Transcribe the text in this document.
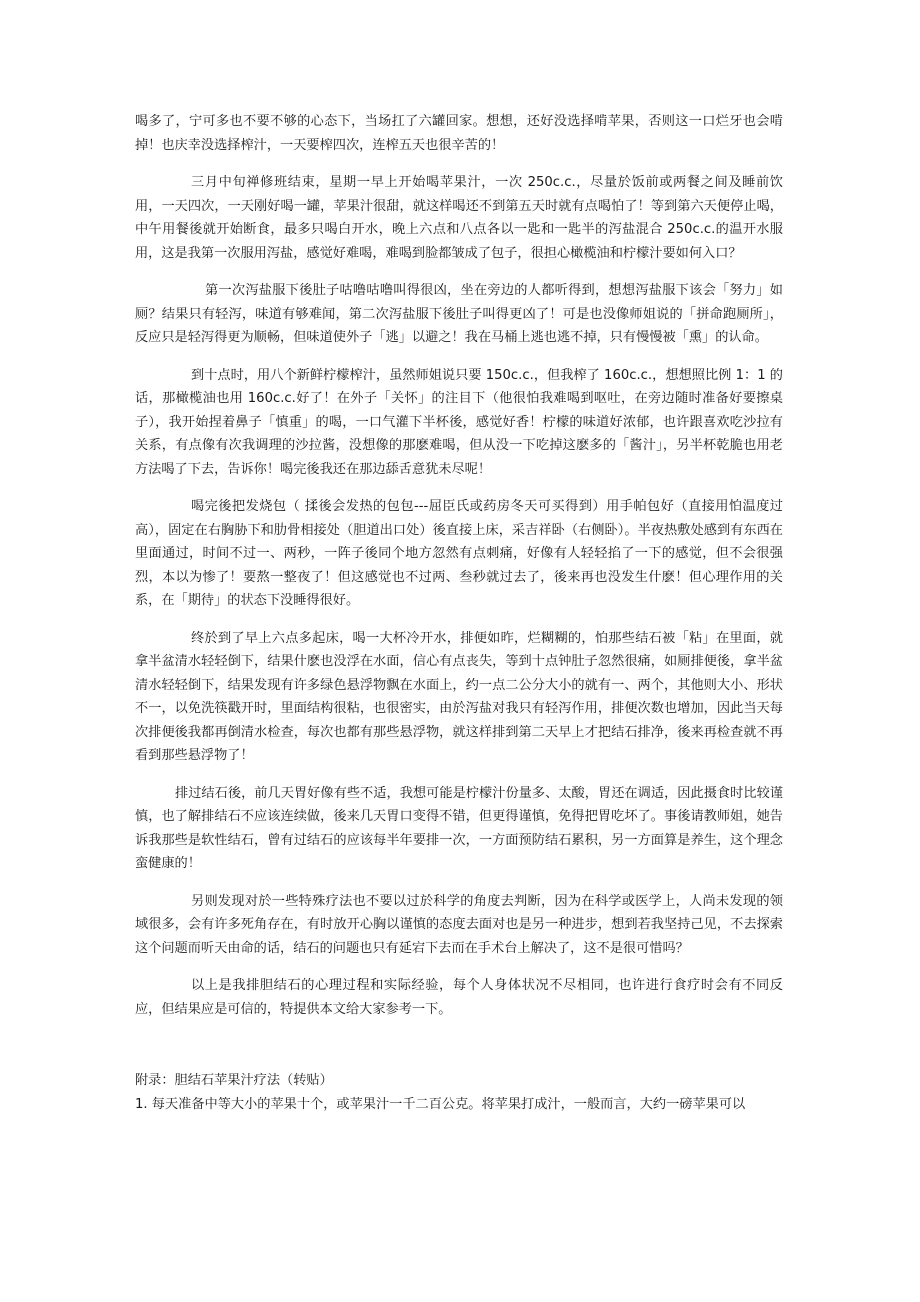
喝多了，宁可多也不要不够的心态下，当场扛了六罐回家。想想，还好没选择啃苹果，否则这一口烂牙也会啃掉！也庆幸没选择榨汁，一天要榨四次，连榨五天也很辛苦的！

三月中旬禅修班结束，星期一早上开始喝苹果汁，一次 250c.c.，尽量於饭前或两餐之间及睡前饮用，一天四次，一天刚好喝一罐，苹果汁很甜，就这样喝还不到第五天时就有点喝怕了！等到第六天便停止喝，中午用餐後就开始断食，最多只喝白开水，晚上六点和八点各以一匙和一匙半的泻盐混合 250c.c.的温开水服用，这是我第一次服用泻盐，感觉好难喝，难喝到脸都皱成了包子，很担心橄榄油和柠檬汁要如何入口？

第一次泻盐服下後肚子咕噜咕噜叫得很凶，坐在旁边的人都听得到，想想泻盐服下该会「努力」如厕？结果只有轻泻，味道有够难闻，第二次泻盐服下後肚子叫得更凶了！可是也没像师姐说的「拼命跑厕所」，反应只是轻泻得更为顺畅，但味道使外子「逃」以避之！我在马桶上逃也逃不掉，只有慢慢被「熏」的认命。

到十点时，用八个新鲜柠檬榨汁，虽然师姐说只要 150c.c.，但我榨了 160c.c.，想想照比例 1：1 的话，那橄榄油也用 160c.c.好了！在外子「关怀」的注目下（他很怕我难喝到呕吐，在旁边随时准备好要擦桌子），我开始捏着鼻子「慎重」的喝，一口气灌下半杯後，感觉好香！柠檬的味道好浓郁，也许跟喜欢吃沙拉有关系，有点像有次我调理的沙拉酱，没想像的那麽难喝，但从没一下吃掉这麽多的「酱汁」，另半杯乾脆也用老方法喝了下去，告诉你！喝完後我还在那边舔舌意犹未尽呢！

喝完後把发烧包（ 揉後会发热的包包---屈臣氏或药房冬天可买得到）用手帕包好（直接用怕温度过高），固定在右胸胁下和肋骨相接处（胆道出口处）後直接上床，采吉祥卧（右侧卧）。半夜热敷处感到有东西在里面通过，时间不过一、两秒，一阵子後同个地方忽然有点刺痛，好像有人轻轻掐了一下的感觉，但不会很强烈，本以为惨了！要熬一整夜了！但这感觉也不过两、叁秒就过去了，後来再也没发生什麽！但心理作用的关系，在「期待」的状态下没睡得很好。

终於到了早上六点多起床，喝一大杯冷开水，排便如昨，烂糊糊的，怕那些结石被「粘」在里面，就拿半盆清水轻轻倒下，结果什麽也没浮在水面，信心有点丧失，等到十点钟肚子忽然很痛，如厕排便後，拿半盆清水轻轻倒下，结果发现有许多绿色悬浮物飘在水面上，约一点二公分大小的就有一、两个，其他则大小、形状不一，以免洗筷戳开时，里面结构很粘，也很密实，由於泻盐对我只有轻泻作用，排便次数也增加，因此当天每次排便後我都再倒清水检查，每次也都有那些悬浮物，就这样排到第二天早上才把结石排净，後来再检查就不再看到那些悬浮物了！

排过结石後，前几天胃好像有些不适，我想可能是柠檬汁份量多、太酸，胃还在调适，因此摄食时比较谨慎，也了解排结石不应该连续做，後来几天胃口变得不错，但更得谨慎，免得把胃吃坏了。事後请教师姐，她告诉我那些是软性结石，曾有过结石的应该每半年要排一次，一方面预防结石累积，另一方面算是养生，这个理念蛮健康的！

另则发现对於一些特殊疗法也不要以过於科学的角度去判断，因为在科学或医学上，人尚未发现的领域很多，会有许多死角存在，有时放开心胸以谨慎的态度去面对也是另一种进步，想到若我坚持己见，不去探索这个问题而听天由命的话，结石的问题也只有延宕下去而在手术台上解决了，这不是很可惜吗？

以上是我排胆结石的心理过程和实际经验，每个人身体状况不尽相同，也许进行食疗时会有不同反应，但结果应是可信的，特提供本文给大家参考一下。

附录：胆结石苹果汁疗法（转贴）

1. 每天准备中等大小的苹果十个，或苹果汁一千二百公克。将苹果打成汁，一般而言，大约一磅苹果可以
